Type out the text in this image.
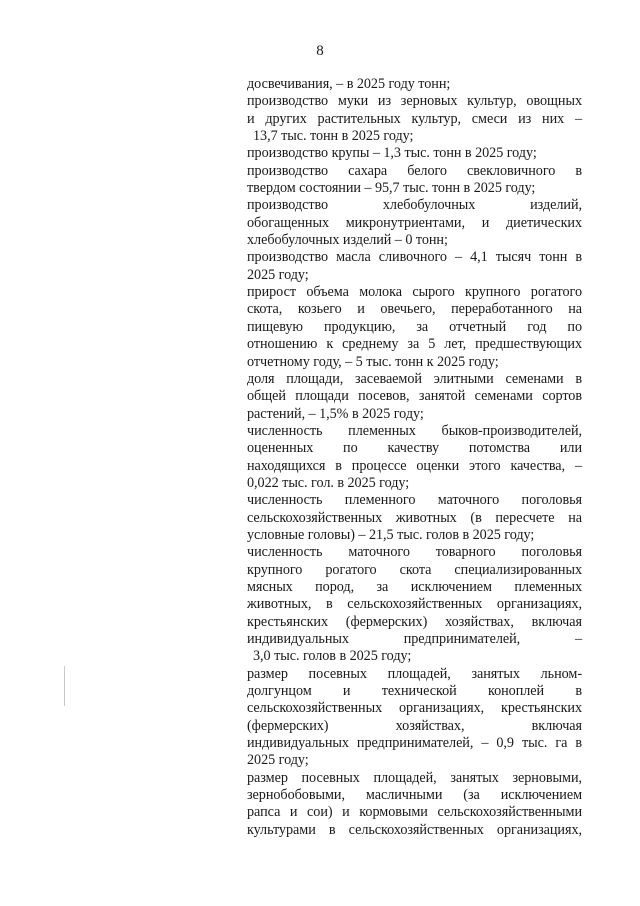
8
досвечивания, – в 2025 году тонн;
производство муки из зерновых культур, овощных
и других растительных культур, смеси из них –
13,7 тыс. тонн в 2025 году;
производство крупы – 1,3 тыс. тонн в 2025 году;
производство сахара белого свекловичного в
твердом состоянии – 95,7 тыс. тонн в 2025 году;
производство хлебобулочных изделий,
обогащенных микронутриентами, и диетических
хлебобулочных изделий – 0 тонн;
производство масла сливочного – 4,1 тысяч тонн в
2025 году;
прирост объема молока сырого крупного рогатого
скота, козьего и овечьего, переработанного на
пищевую продукцию, за отчетный год по
отношению к среднему за 5 лет, предшествующих
отчетному году, – 5 тыс. тонн к 2025 году;
доля площади, засеваемой элитными семенами в
общей площади посевов, занятой семенами сортов
растений, – 1,5% в 2025 году;
численность племенных быков-производителей,
оцененных по качеству потомства или
находящихся в процессе оценки этого качества, –
0,022 тыс. гол. в 2025 году;
численность племенного маточного поголовья
сельскохозяйственных животных (в пересчете на
условные головы) – 21,5 тыс. голов в 2025 году;
численность маточного товарного поголовья
крупного рогатого скота специализированных
мясных пород, за исключением племенных
животных, в сельскохозяйственных организациях,
крестьянских (фермерских) хозяйствах, включая
индивидуальных предпринимателей, –
3,0 тыс. голов в 2025 году;
размер посевных площадей, занятых льном-
долгунцом и технической коноплей в
сельскохозяйственных организациях, крестьянских
(фермерских) хозяйствах, включая
индивидуальных предпринимателей, – 0,9 тыс. га в
2025 году;
размер посевных площадей, занятых зерновыми,
зернобобовыми, масличными (за исключением
рапса и сои) и кормовыми сельскохозяйственными
культурами в сельскохозяйственных организациях,
